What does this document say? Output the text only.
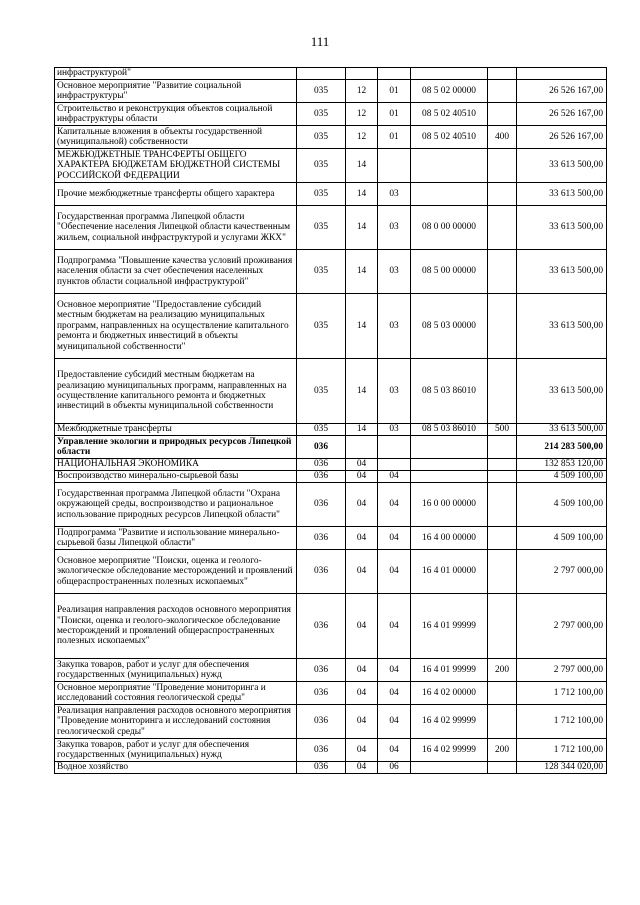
111
инфраструктурой"						
Основное мероприятие "Развитие социальной инфраструктуры"	035	12	01	08 5 02 00000		26 526 167,00
Строительство и реконструкция объектов социальной инфраструктуры области	035	12	01	08 5 02 40510		26 526 167,00
Капитальные вложения в объекты государственной (муниципальной) собственности	035	12	01	08 5 02 40510	400	26 526 167,00
МЕЖБЮДЖЕТНЫЕ ТРАНСФЕРТЫ ОБЩЕГО ХАРАКТЕРА БЮДЖЕТАМ БЮДЖЕТНОЙ СИСТЕМЫ РОССИЙСКОЙ ФЕДЕРАЦИИ	035	14				33 613 500,00
Прочие межбюджетные трансферты общего характера	035	14	03			33 613 500,00
Государственная программа Липецкой области "Обеспечение населения Липецкой области качественным жильем, социальной инфраструктурой и услугами ЖКХ"	035	14	03	08 0 00 00000		33 613 500,00
Подпрограмма "Повышение качества условий проживания населения области за счет обеспечения населенных пунктов области социальной инфраструктурой"	035	14	03	08 5 00 00000		33 613 500,00
Основное мероприятие "Предоставление субсидий местным бюджетам на реализацию муниципальных программ, направленных на осуществление капитального ремонта и бюджетных инвестиций в объекты муниципальной собственности"	035	14	03	08 5 03 00000		33 613 500,00
Предоставление субсидий местным бюджетам на реализацию муниципальных программ, направленных на осуществление капитального ремонта и бюджетных инвестиций в объекты муниципальной собственности	035	14	03	08 5 03 86010		33 613 500,00
Межбюджетные трансферты	035	14	03	08 5 03 86010	500	33 613 500,00
Управление экологии и природных ресурсов Липецкой области	036					214 283 500,00
НАЦИОНАЛЬНАЯ ЭКОНОМИКА	036	04				132 853 120,00
Воспроизводство минерально-сырьевой базы	036	04	04			4 509 100,00
Государственная программа Липецкой области "Охрана окружающей среды, воспроизводство и рациональное использование природных ресурсов Липецкой области"	036	04	04	16 0 00 00000		4 509 100,00
Подпрограмма "Развитие и использование минерально-сырьевой базы Липецкой области"	036	04	04	16 4 00 00000		4 509 100,00
Основное мероприятие "Поиски, оценка и геолого-экологическое обследование месторождений и проявлений общераспространенных полезных ископаемых"	036	04	04	16 4 01 00000		2 797 000,00
Реализация направления расходов основного мероприятия "Поиски, оценка и геолого-экологическое обследование месторождений и проявлений общераспространенных полезных ископаемых"	036	04	04	16 4 01 99999		2 797 000,00
Закупка товаров, работ и услуг для обеспечения государственных (муниципальных) нужд	036	04	04	16 4 01 99999	200	2 797 000,00
Основное мероприятие "Проведение мониторинга и исследований состояния геологической среды"	036	04	04	16 4 02 00000		1 712 100,00
Реализация направления расходов основного мероприятия "Проведение мониторинга и исследований состояния геологической среды"	036	04	04	16 4 02 99999		1 712 100,00
Закупка товаров, работ и услуг для обеспечения государственных (муниципальных) нужд	036	04	04	16 4 02 99999	200	1 712 100,00
Водное хозяйство	036	04	06			128 344 020,00
